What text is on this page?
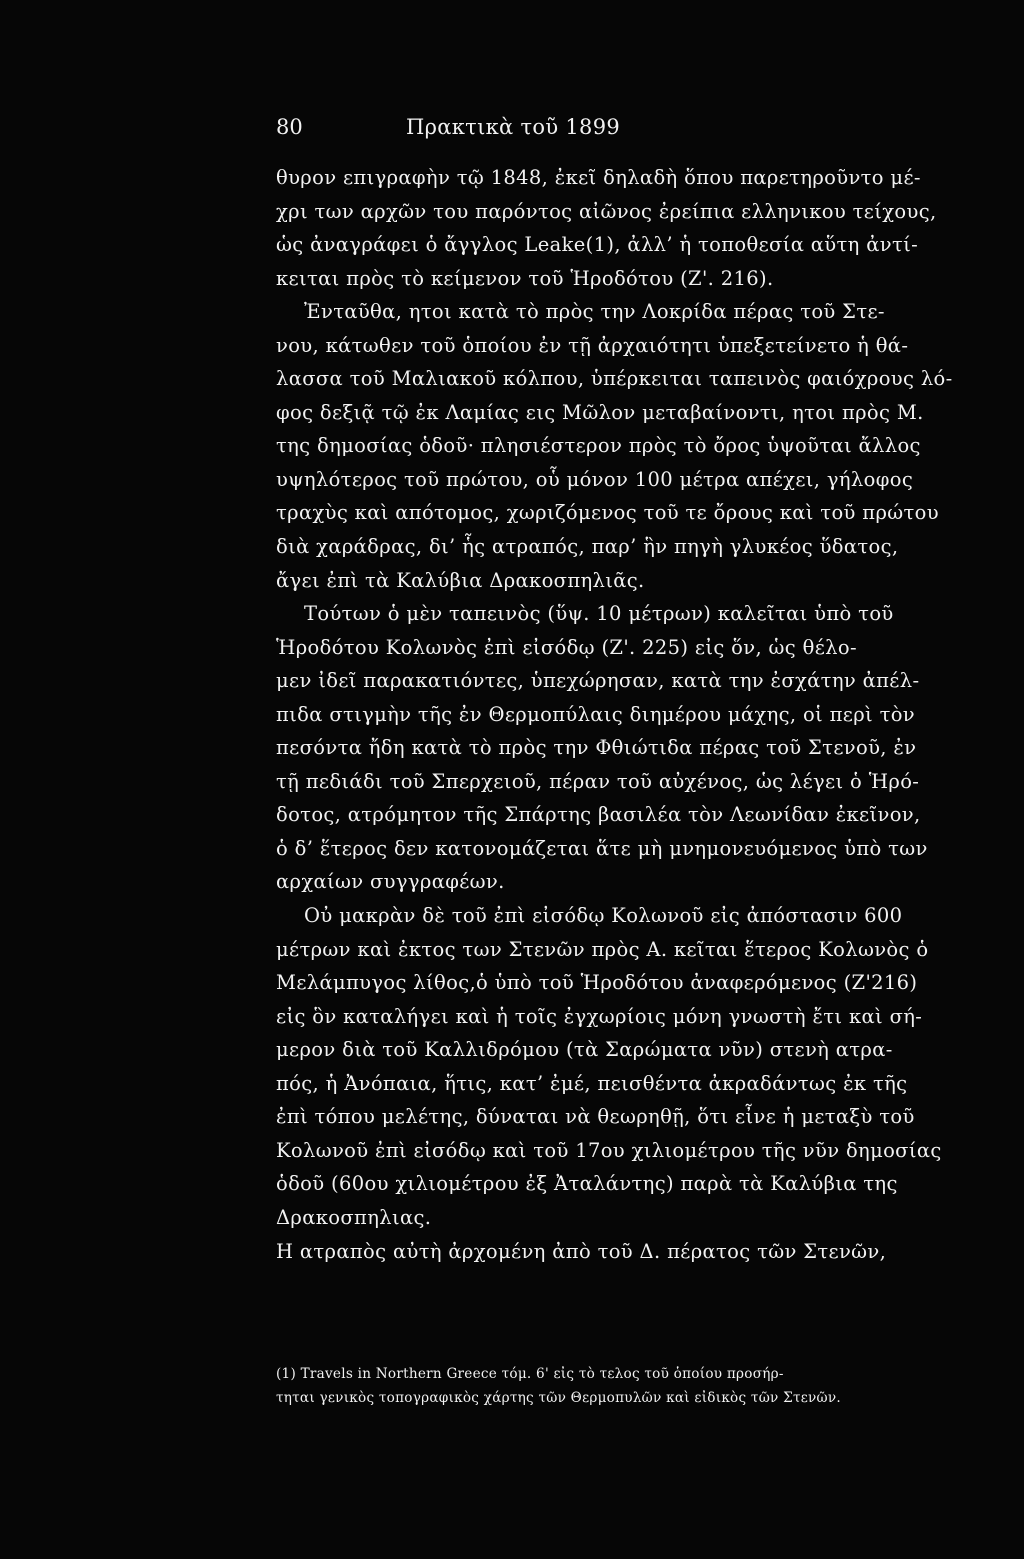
80	Πρακτικὰ τοῦ 1899
θυρον επιγραφὴν τῷ 1848, ἐκεῖ δηλαδὴ ὅπου παρετηροῦντο μέ-
χρι των αρχῶν του παρόντος αἰῶνος ἐρείπια ελληνικου τείχους,
ὡς ἀναγράφει ὁ ἄγγλος Leake(1), ἀλλ’ ἡ τοποθεσία αὕτη ἀντί-
κειται πρὸς τὸ κείμενον τοῦ Ἡροδότου (Ζ'. 216).
Ἐνταῦθα, ητοι κατὰ τὸ πρὸς την Λοκρίδα πέρας τοῦ Στε-
νου, κάτωθεν τοῦ ὁποίου ἐν τῇ ἀρχαιότητι ὑπεξετείνετο ἡ θά-
λασσα τοῦ Μαλιακοῦ κόλπου, ὑπέρκειται ταπεινὸς φαιόχρους λό-
φος δεξιᾷ τῷ ἐκ Λαμίας εις Μῶλον μεταβαίνοντι, ητοι πρὸς Μ.
της δημοσίας ὁδοῦ· πλησιέστερον πρὸς τὸ ὄρος ὑψοῦται ἄλλος
υψηλότερος τοῦ πρώτου, οὗ μόνον 100 μέτρα απέχει, γήλοφος
τραχὺς καὶ απότομος, χωριζόμενος τοῦ τε ὄρους καὶ τοῦ πρώτου
διὰ χαράδρας, δι’ ἧς ατραπός, παρ’ ἣν πηγὴ γλυκέος ὕδατος,
ἄγει ἐπὶ τὰ Καλύβια Δρακοσπηλιᾶς.
Τούτων ὁ μὲν ταπεινὸς (ὕψ. 10 μέτρων) καλεῖται ὑπὸ τοῦ
Ἡροδότου Κολωνὸς ἐπὶ εἰσόδῳ (Ζ'. 225) εἰς ὅν, ὡς θέλο-
μεν ἰδεῖ παρακατιόντες, ὑπεχώρησαν, κατὰ την ἐσχάτην ἀπέλ-
πιδα στιγμὴν τῆς ἐν Θερμοπύλαις διημέρου μάχης, οἱ περὶ τὸν
πεσόντα ἤδη κατὰ τὸ πρὸς την Φθιώτιδα πέρας τοῦ Στενοῦ, ἐν
τῇ πεδιάδι τοῦ Σπερχειοῦ, πέραν τοῦ αὐχένος, ὡς λέγει ὁ Ἡρό-
δοτος, ατρόμητον τῆς Σπάρτης βασιλέα τὸν Λεωνίδαν ἐκεῖνον,
ὁ δ’ ἕτερος δεν κατονομάζεται ἅτε μὴ μνημονευόμενος ὑπὸ των
αρχαίων συγγραφέων.
Οὐ μακρὰν δὲ τοῦ ἐπὶ εἰσόδῳ Κολωνοῦ εἰς ἀπόστασιν 600
μέτρων καὶ ἐκτος των Στενῶν πρὸς Α. κεῖται ἕτερος Κολωνὸς ὁ
Μελάμπυγος λίθος,ὁ ὑπὸ τοῦ Ἡροδότου ἀναφερόμενος (Ζ'216)
εἰς ὃν καταλήγει καὶ ἡ τοῖς ἐγχωρίοις μόνη γνωστὴ ἔτι καὶ σή-
μερον διὰ τοῦ Καλλιδρόμου (τὰ Σαρώματα νῦν) στενὴ ατρα-
πός, ἡ Ἀνόπαια, ἥτις, κατ’ ἐμέ, πεισθέντα ἀκραδάντως ἐκ τῆς
ἐπὶ τόπου μελέτης, δύναται νὰ θεωρηθῇ, ὅτι εἶνε ἡ μεταξὺ τοῦ
Κολωνοῦ ἐπὶ εἰσόδῳ καὶ τοῦ 17ου χιλιομέτρου τῆς νῦν δημοσίας
ὁδοῦ (60ου χιλιομέτρου ἐξ Ἀταλάντης) παρὰ τὰ Καλύβια της
Δρακοσπηλιας.
Η ατραπὸς αὐτὴ ἀρχομένη ἀπὸ τοῦ Δ. πέρατος τῶν Στενῶν,
(1) Travels in Northern Greece τόμ. 6' εἰς τὸ τελος τοῦ ὁποίου προσήρ-
τηται γενικὸς τοπογραφικὸς χάρτης τῶν Θερμοπυλῶν καὶ εἰδικὸς τῶν Στενῶν.
